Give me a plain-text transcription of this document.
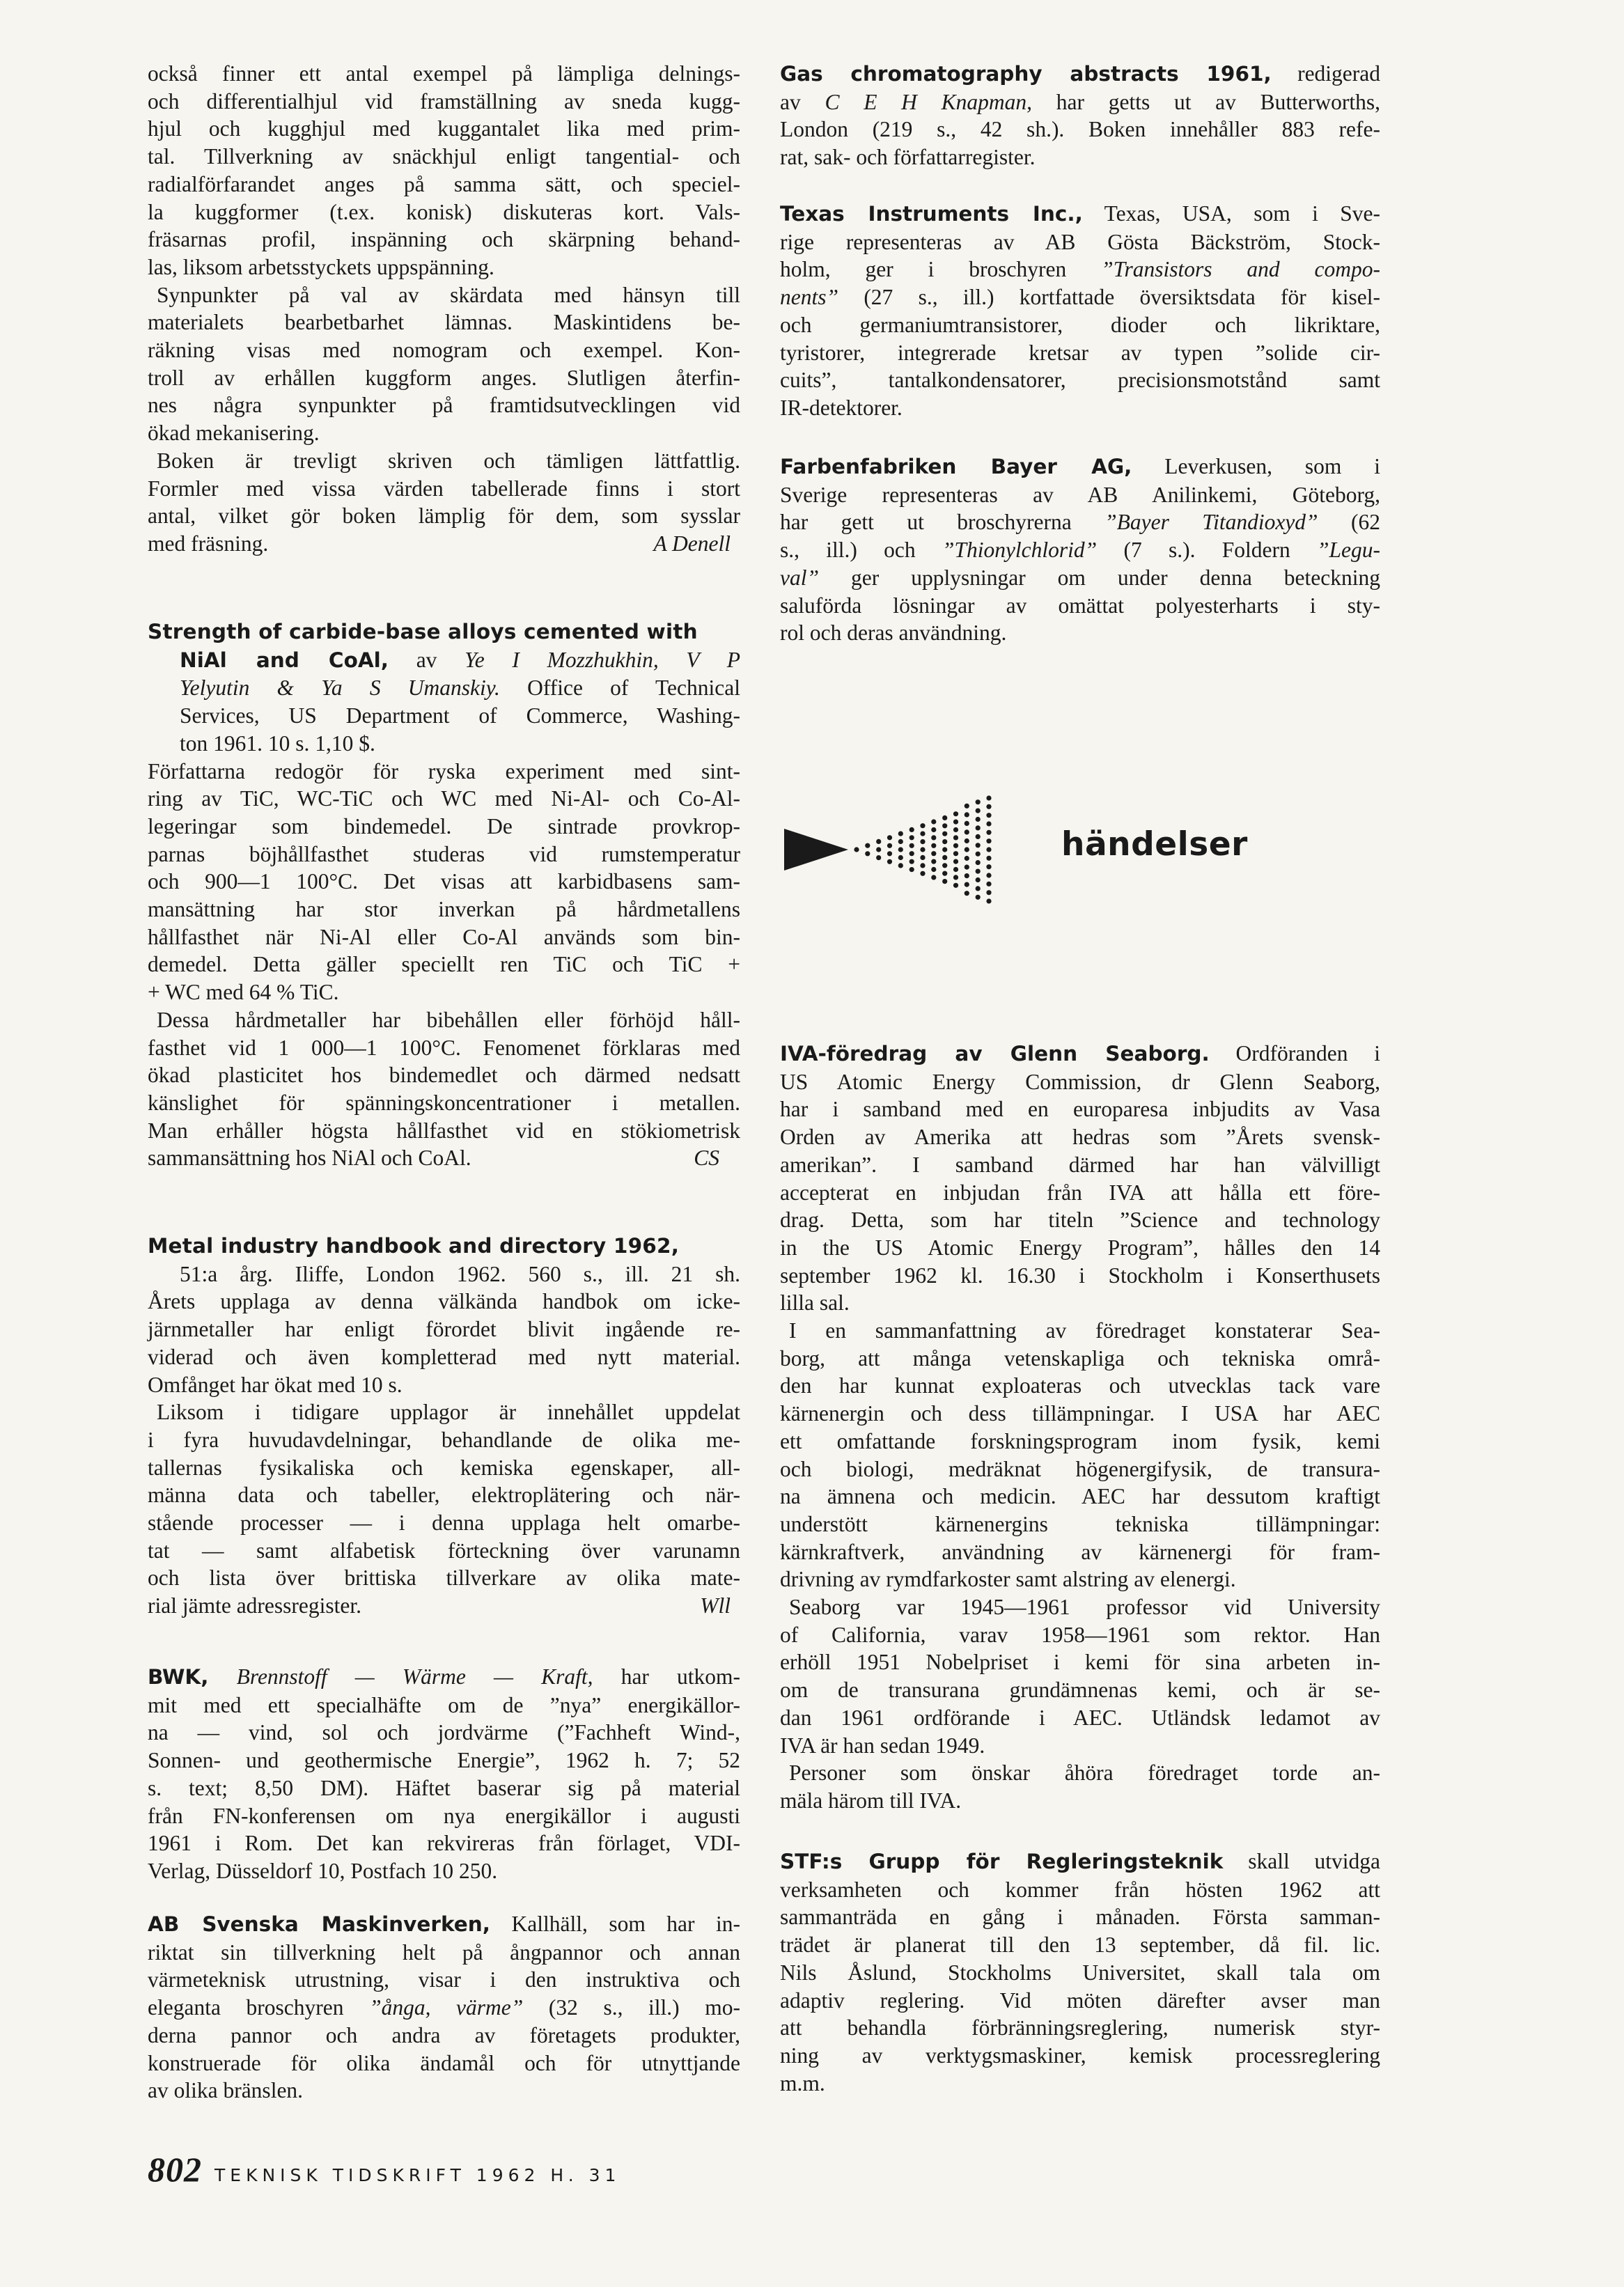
också finner ett antal exempel på lämpliga delnings-
och differentialhjul vid framställning av sneda kugg-
hjul och kugghjul med kuggantalet lika med prim-
tal. Tillverkning av snäckhjul enligt tangential- och
radialförfarandet anges på samma sätt, och speciel-
la kuggformer (t.ex. konisk) diskuteras kort. Vals-
fräsarnas profil, inspänning och skärpning behand-
las, liksom arbetsstyckets uppspänning.
Synpunkter på val av skärdata med hänsyn till
materialets bearbetbarhet lämnas. Maskintidens be-
räkning visas med nomogram och exempel. Kon-
troll av erhållen kuggform anges. Slutligen återfin-
nes några synpunkter på framtidsutvecklingen vid
ökad mekanisering.
Boken är trevligt skriven och tämligen lättfattlig.
Formler med vissa värden tabellerade finns i stort
antal, vilket gör boken lämplig för dem, som sysslar
med fräsning.	A Denell
Strength of carbide-base alloys cemented with
NiAl and CoAl, av Ye I Mozzhukhin, V P
Yelyutin & Ya S Umanskiy. Office of Technical
Services, US Department of Commerce, Washing-
ton 1961. 10 s. 1,10 $.
Författarna redogör för ryska experiment med sint-
ring av TiC, WC-TiC och WC med Ni-Al- och Co-Al-
legeringar som bindemedel. De sintrade provkrop-
parnas böjhållfasthet studeras vid rumstemperatur
och 900—1 100°C. Det visas att karbidbasens sam-
mansättning har stor inverkan på hårdmetallens
hållfasthet när Ni-Al eller Co-Al används som bin-
demedel. Detta gäller speciellt ren TiC och TiC +
+ WC med 64 % TiC.
Dessa hårdmetaller har bibehållen eller förhöjd håll-
fasthet vid 1 000—1 100°C. Fenomenet förklaras med
ökad plasticitet hos bindemedlet och därmed nedsatt
känslighet för spänningskoncentrationer i metallen.
Man erhåller högsta hållfasthet vid en stökiometrisk
sammansättning hos NiAl och CoAl.	CS
Metal industry handbook and directory 1962,
51:a årg. Iliffe, London 1962. 560 s., ill. 21 sh.
Årets upplaga av denna välkända handbok om icke-
järnmetaller har enligt förordet blivit ingående re-
viderad och även kompletterad med nytt material.
Omfånget har ökat med 10 s.
Liksom i tidigare upplagor är innehållet uppdelat
i fyra huvudavdelningar, behandlande de olika me-
tallernas fysikaliska och kemiska egenskaper, all-
männa data och tabeller, elektroplätering och när-
stående processer — i denna upplaga helt omarbe-
tat — samt alfabetisk förteckning över varunamn
och lista över brittiska tillverkare av olika mate-
rial jämte adressregister.	Wll
BWK, Brennstoff — Wärme — Kraft, har utkom-
mit med ett specialhäfte om de ”nya” energikällor-
na — vind, sol och jordvärme (”Fachheft Wind-,
Sonnen- und geothermische Energie”, 1962 h. 7; 52
s. text; 8,50 DM). Häftet baserar sig på material
från FN-konferensen om nya energikällor i augusti
1961 i Rom. Det kan rekvireras från förlaget, VDI-
Verlag, Düsseldorf 10, Postfach 10 250.
AB Svenska Maskinverken, Kallhäll, som har in-
riktat sin tillverkning helt på ångpannor och annan
värmeteknisk utrustning, visar i den instruktiva och
eleganta broschyren ”ånga, värme” (32 s., ill.) mo-
derna pannor och andra av företagets produkter,
konstruerade för olika ändamål och för utnyttjande
av olika bränslen.
Gas chromatography abstracts 1961, redigerad
av C E H Knapman, har getts ut av Butterworths,
London (219 s., 42 sh.). Boken innehåller 883 refe-
rat, sak- och författarregister.
Texas Instruments Inc., Texas, USA, som i Sve-
rige representeras av AB Gösta Bäckström, Stock-
holm, ger i broschyren ”Transistors and compo-
nents” (27 s., ill.) kortfattade översiktsdata för kisel-
och germaniumtransistorer, dioder och likriktare,
tyristorer, integrerade kretsar av typen ”solide cir-
cuits”, tantalkondensatorer, precisionsmotstånd samt
IR-detektorer.
Farbenfabriken Bayer AG, Leverkusen, som i
Sverige representeras av AB Anilinkemi, Göteborg,
har gett ut broschyrerna ”Bayer Titandioxyd” (62
s., ill.) och ”Thionylchlorid” (7 s.). Foldern ”Legu-
val” ger upplysningar om under denna beteckning
saluförda lösningar av omättat polyesterharts i sty-
rol och deras användning.
IVA-föredrag av Glenn Seaborg. Ordföranden i
US Atomic Energy Commission, dr Glenn Seaborg,
har i samband med en europaresa inbjudits av Vasa
Orden av Amerika att hedras som ”Årets svensk-
amerikan”. I samband därmed har han välvilligt
accepterat en inbjudan från IVA att hålla ett före-
drag. Detta, som har titeln ”Science and technology
in the US Atomic Energy Program”, hålles den 14
september 1962 kl. 16.30 i Stockholm i Konserthusets
lilla sal.
I en sammanfattning av föredraget konstaterar Sea-
borg, att många vetenskapliga och tekniska områ-
den har kunnat exploateras och utvecklas tack vare
kärnenergin och dess tillämpningar. I USA har AEC
ett omfattande forskningsprogram inom fysik, kemi
och biologi, medräknat högenergifysik, de transura-
na ämnena och medicin. AEC har dessutom kraftigt
understött kärnenergins tekniska tillämpningar:
kärnkraftverk, användning av kärnenergi för fram-
drivning av rymdfarkoster samt alstring av elenergi.
Seaborg var 1945—1961 professor vid University
of California, varav 1958—1961 som rektor. Han
erhöll 1951 Nobelpriset i kemi för sina arbeten in-
om de transurana grundämnenas kemi, och är se-
dan 1961 ordförande i AEC. Utländsk ledamot av
IVA är han sedan 1949.
Personer som önskar åhöra föredraget torde an-
mäla härom till IVA.
STF:s Grupp för Regleringsteknik skall utvidga
verksamheten och kommer från hösten 1962 att
sammanträda en gång i månaden. Första samman-
trädet är planerat till den 13 september, då fil. lic.
Nils Åslund, Stockholms Universitet, skall tala om
adaptiv reglering. Vid möten därefter avser man
att behandla förbränningsreglering, numerisk styr-
ning av verktygsmaskiner, kemisk processreglering
m.m.
händelser
802 TEKNISK TIDSKRIFT 1962 H. 31
